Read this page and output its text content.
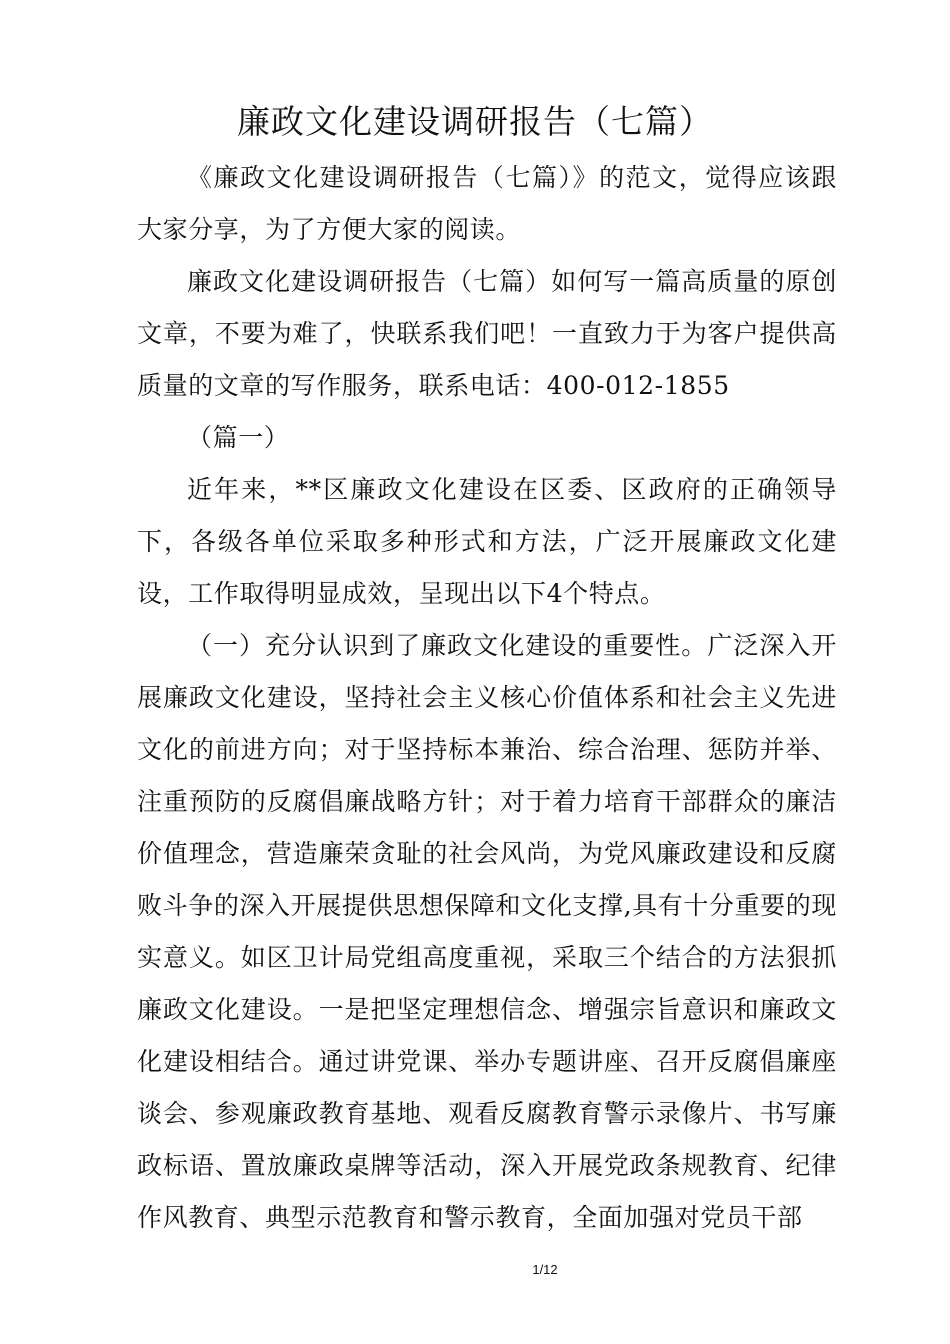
廉政文化建设调研报告（七篇）

《廉政文化建设调研报告（七篇）》的范文，觉得应该跟大家分享，为了方便大家的阅读。

廉政文化建设调研报告（七篇）如何写一篇高质量的原创文章，不要为难了，快联系我们吧！一直致力于为客户提供高质量的文章的写作服务，联系电话：400-012-1855

（篇一）

近年来，**区廉政文化建设在区委、区政府的正确领导下，各级各单位采取多种形式和方法，广泛开展廉政文化建设，工作取得明显成效，呈现出以下4个特点。

（一）充分认识到了廉政文化建设的重要性。广泛深入开展廉政文化建设，坚持社会主义核心价值体系和社会主义先进文化的前进方向；对于坚持标本兼治、综合治理、惩防并举、注重预防的反腐倡廉战略方针；对于着力培育干部群众的廉洁价值理念，营造廉荣贪耻的社会风尚，为党风廉政建设和反腐败斗争的深入开展提供思想保障和文化支撑,具有十分重要的现实意义。如区卫计局党组高度重视，采取三个结合的方法狠抓廉政文化建设。一是把坚定理想信念、增强宗旨意识和廉政文化建设相结合。通过讲党课、举办专题讲座、召开反腐倡廉座谈会、参观廉政教育基地、观看反腐教育警示录像片、书写廉政标语、置放廉政桌牌等活动，深入开展党政条规教育、纪律作风教育、典型示范教育和警示教育，全面加强对党员干部

1/12
